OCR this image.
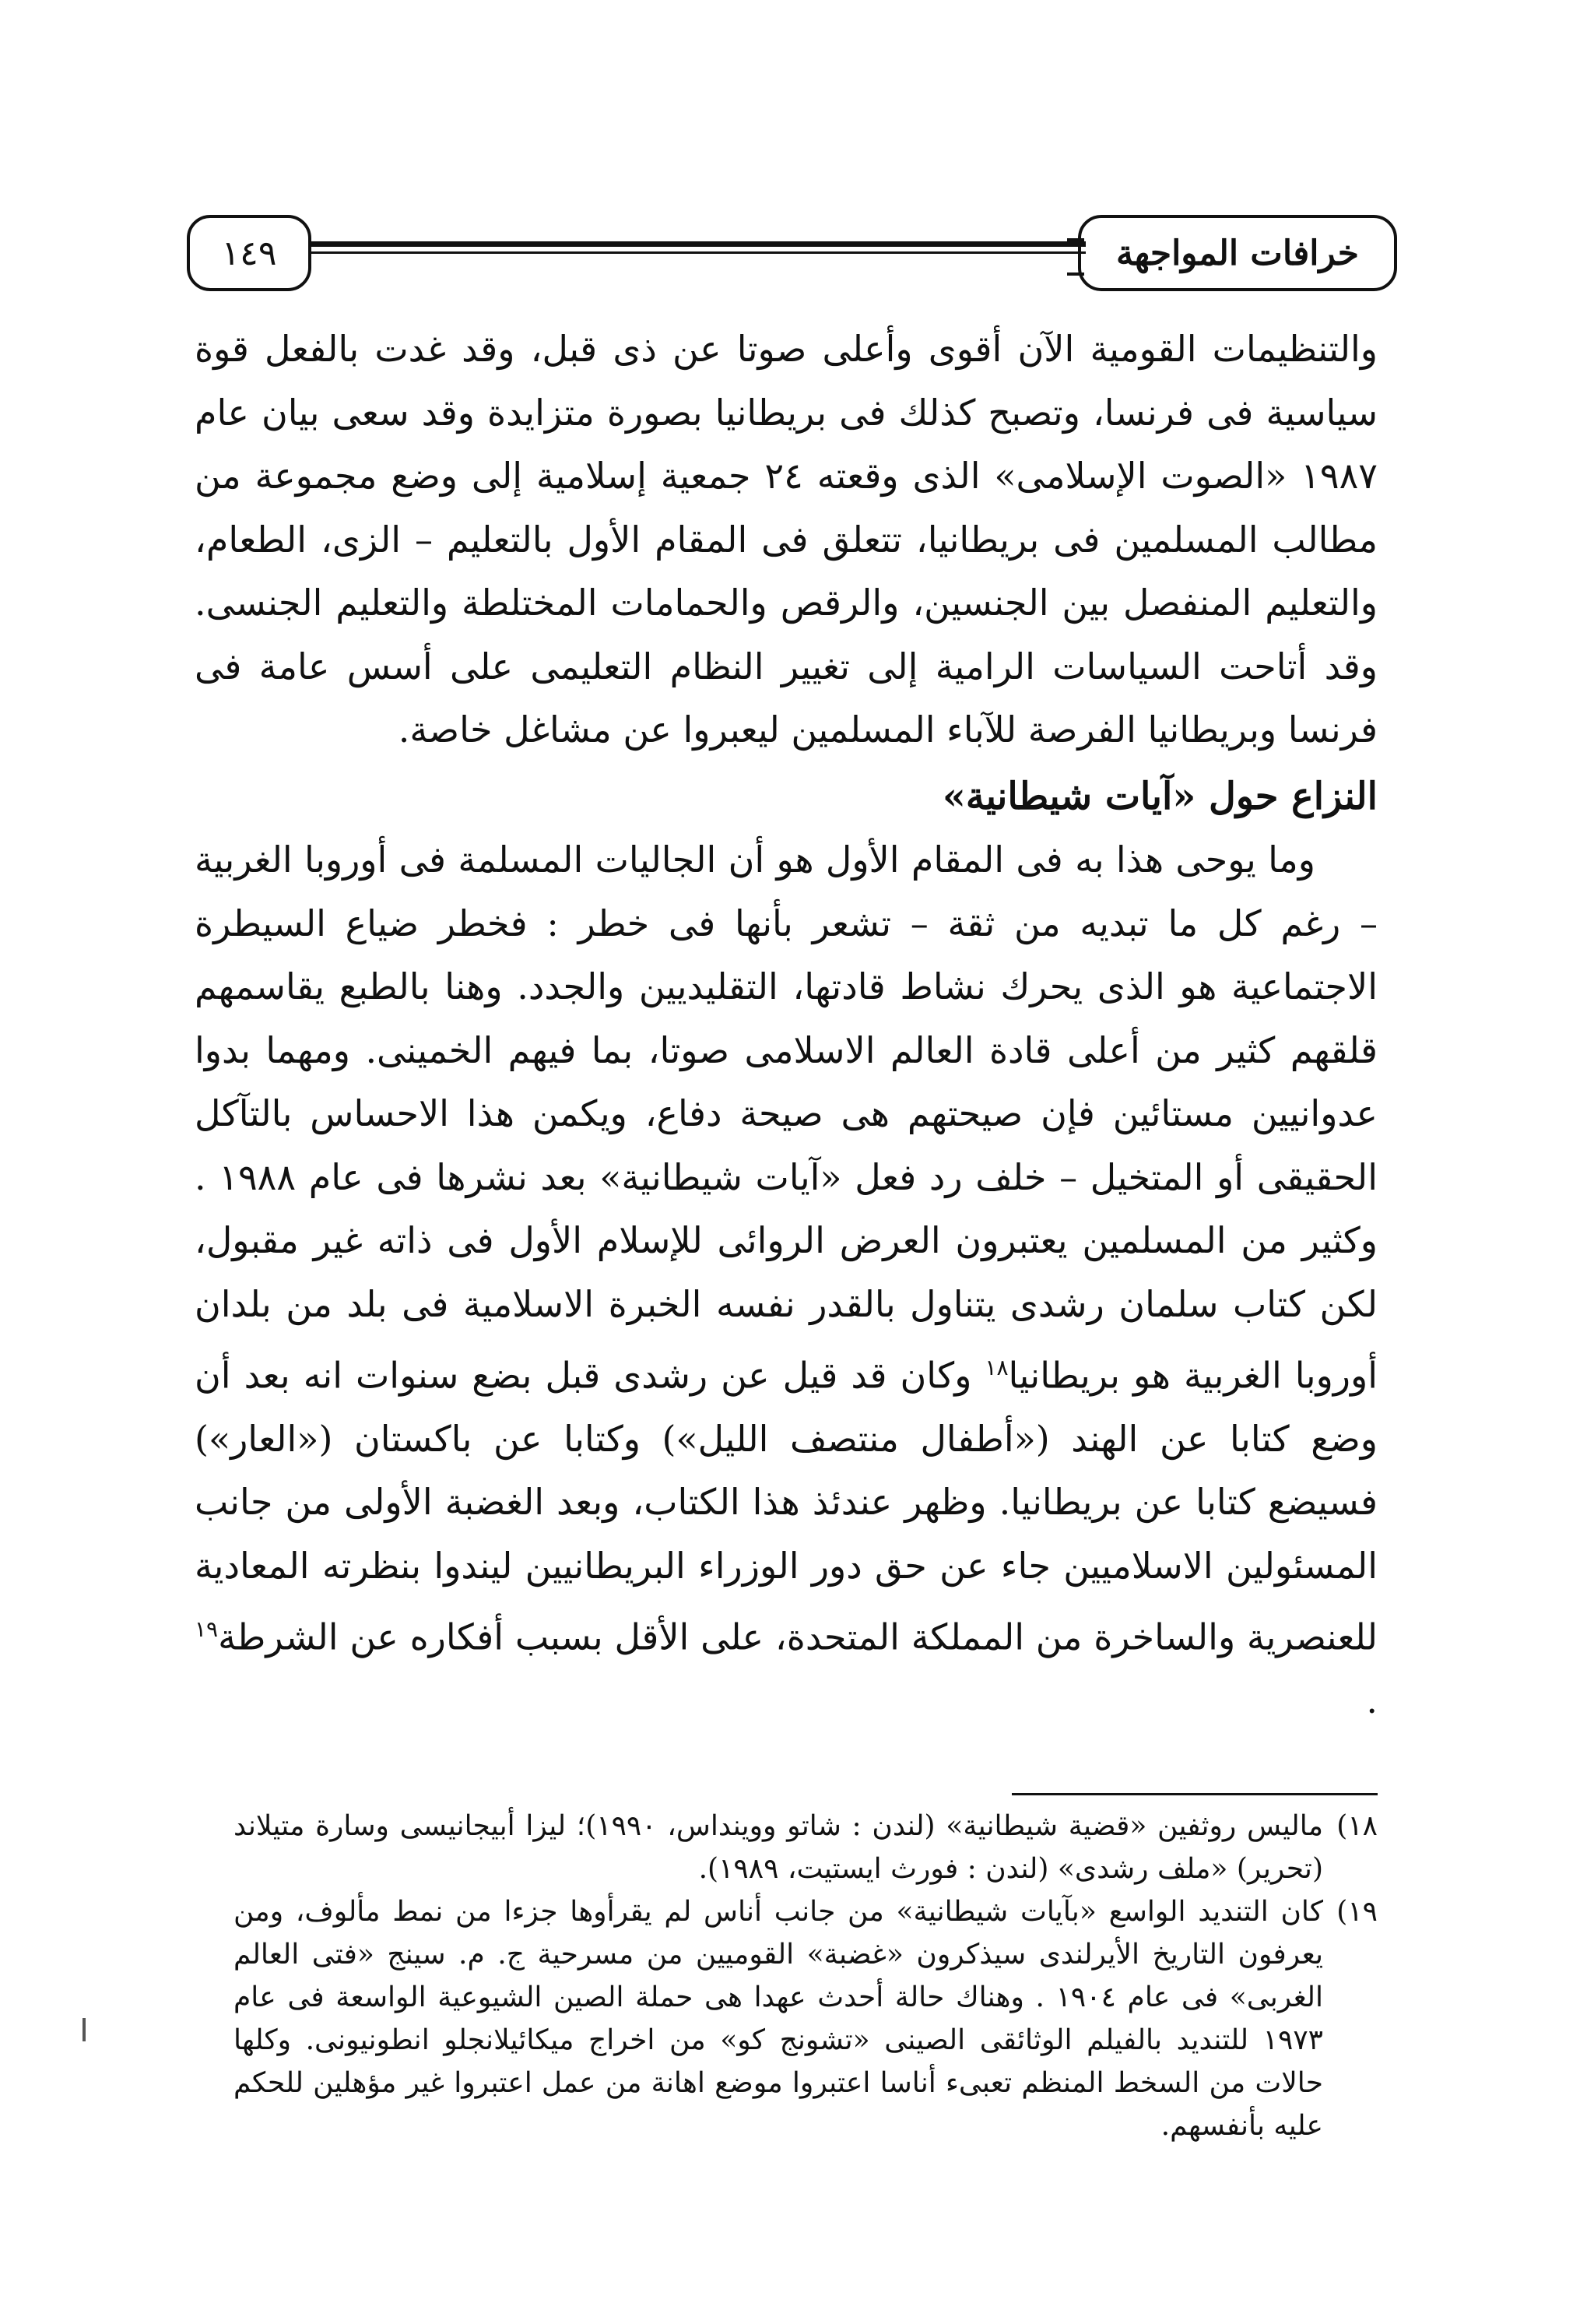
١٤٩	خرافات المواجهة

والتنظيمات القومية الآن أقوى وأعلى صوتا عن ذى قبل، وقد غدت بالفعل قوة سياسية فى فرنسا، وتصبح كذلك فى بريطانيا بصورة متزايدة وقد سعى بيان عام ١٩٨٧ «الصوت الإسلامى» الذى وقعته ٢٤ جمعية إسلامية إلى وضع مجموعة من مطالب المسلمين فى بريطانيا، تتعلق فى المقام الأول بالتعليم – الزى، الطعام، والتعليم المنفصل بين الجنسين، والرقص والحمامات المختلطة والتعليم الجنسى. وقد أتاحت السياسات الرامية إلى تغيير النظام التعليمى على أسس عامة فى فرنسا وبريطانيا الفرصة للآباء المسلمين ليعبروا عن مشاغل خاصة.

النزاع حول «آيات شيطانية»

وما يوحى هذا به فى المقام الأول هو أن الجاليات المسلمة فى أوروبا الغربية – رغم كل ما تبديه من ثقة – تشعر بأنها فى خطر : فخطر ضياع السيطرة الاجتماعية هو الذى يحرك نشاط قادتها، التقليديين والجدد. وهنا بالطبع يقاسمهم قلقهم كثير من أعلى قادة العالم الاسلامى صوتا، بما فيهم الخمينى. ومهما بدوا عدوانيين مستائين فإن صيحتهم هى صيحة دفاع، ويكمن هذا الاحساس بالتآكل الحقيقى أو المتخيل – خلف رد فعل «آيات شيطانية» بعد نشرها فى عام ١٩٨٨ . وكثير من المسلمين يعتبرون العرض الروائى للإسلام الأول فى ذاته غير مقبول، لكن كتاب سلمان رشدى يتناول بالقدر نفسه الخبرة الاسلامية فى بلد من بلدان أوروبا الغربية هو بريطانيا$^{١٨}$ وكان قد قيل عن رشدى قبل بضع سنوات انه بعد أن وضع كتابا عن الهند («أطفال منتصف الليل») وكتابا عن باكستان («العار») فسيضع كتابا عن بريطانيا. وظهر عندئذ هذا الكتاب، وبعد الغضبة الأولى من جانب المسئولين الاسلاميين جاء عن حق دور الوزراء البريطانيين ليندوا بنظرته المعادية للعنصرية والساخرة من المملكة المتحدة، على الأقل بسبب أفكاره عن الشرطة$^{١٩}$ .

١٨)
ماليس روثفين «قضية شيطانية» (لندن : شاتو ووينداس، ١٩٩٠)؛ ليزا أبيجانيسى وسارة متيلاند (تحرير) «ملف رشدى» (لندن : فورث ايستيت، ١٩٨٩).
١٩)
كان التنديد الواسع «بآيات شيطانية» من جانب أناس لم يقرأوها جزءا من نمط مألوف، ومن يعرفون التاريخ الأيرلندى سيذكرون «غضبة» القوميين من مسرحية ج. م. سينج «فتى العالم الغربى» فى عام ١٩٠٤ . وهناك حالة أحدث عهدا هى حملة الصين الشيوعية الواسعة فى عام ١٩٧٣ للتنديد بالفيلم الوثائقى الصينى «تشونج كو» من اخراج ميكائيلانجلو انطونيونى. وكلها حالات من السخط المنظم تعبىء أناسا اعتبروا موضع اهانة من عمل اعتبروا غير مؤهلين للحكم عليه بأنفسهم.
